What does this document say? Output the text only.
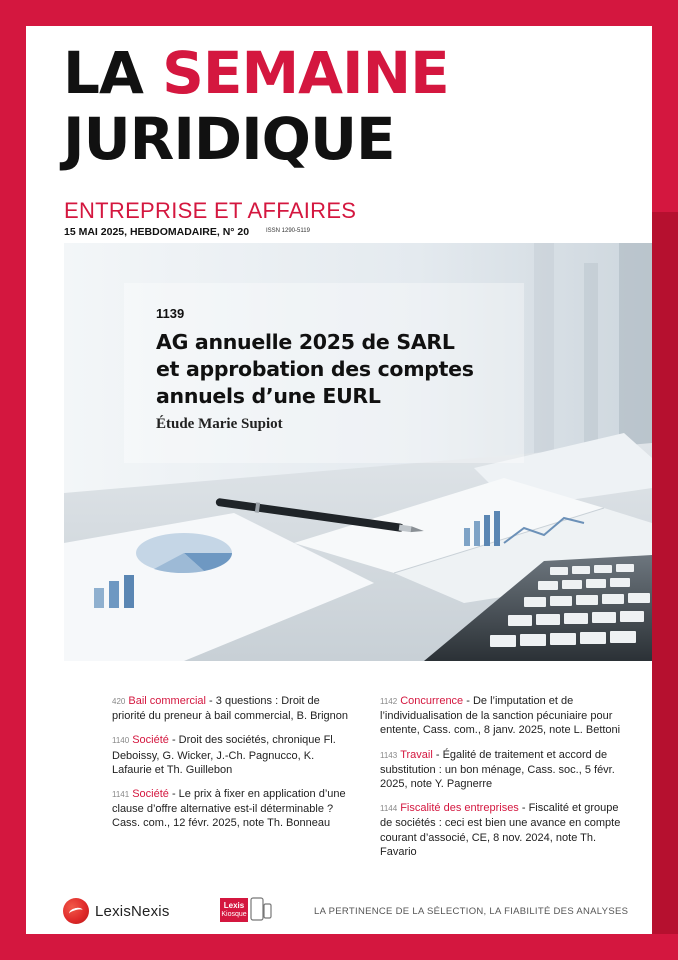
LA SEMAINE
JURIDIQUE
ENTREPRISE ET AFFAIRES
15 MAI 2025, HEBDOMADAIRE, N° 20	ISSN 1290-5119
1139
AG annuelle 2025 de SARL
et approbation des comptes
annuels d’une EURL
Étude Marie Supiot
420 Bail commercial - 3 questions : Droit de priorité du preneur à bail commercial, B. Brignon
1140 Société - Droit des sociétés, chronique Fl. Deboissy, G. Wicker, J.-Ch. Pagnucco, K. Lafaurie et Th. Guillebon
1141 Société - Le prix à fixer en application d’une clause d’offre alternative est-il déterminable ? Cass. com., 12 févr. 2025, note Th. Bonneau
1142 Concurrence - De l’imputation et de l’individualisation de la sanction pécuniaire pour entente, Cass. com., 8 janv. 2025, note L. Bettoni
1143 Travail - Égalité de traitement et accord de substitution : un bon ménage, Cass. soc., 5 févr. 2025, note Y. Pagnerre
1144 Fiscalité des entreprises - Fiscalité et groupe de sociétés : ceci est bien une avance en compte courant d’associé, CE, 8 nov. 2024, note Th. Favario
LexisNexis	Lexis
Kiosque	LA PERTINENCE DE LA SÉLECTION, LA FIABILITÉ DES ANALYSES
